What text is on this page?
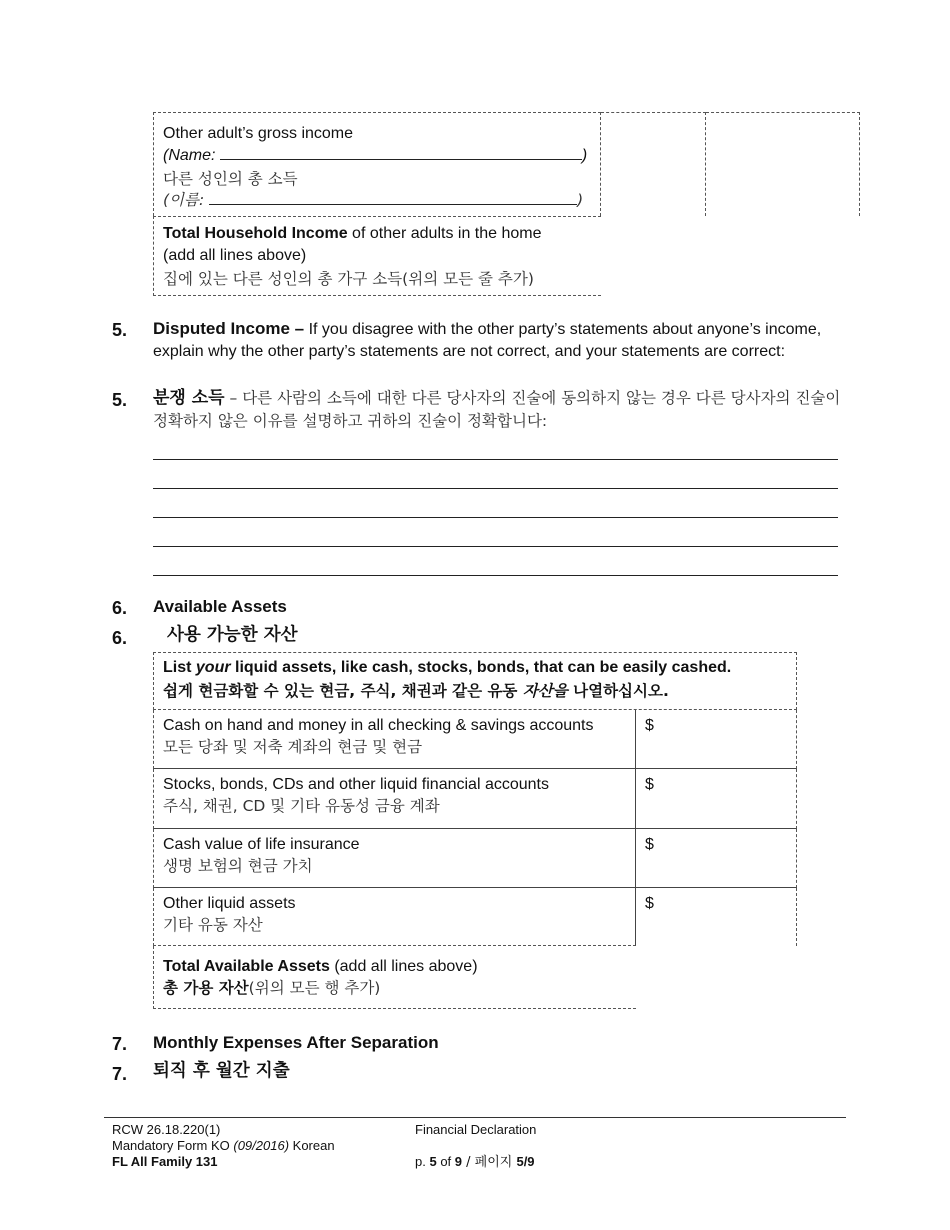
Other adult’s gross income
(Name:	)
다른 성인의 총 소득
(이름:	)
Total Household Income of other adults in the home
(add all lines above)
집에 있는 다른 성인의 총 가구 소득(위의 모든 줄 추가)
5. Disputed Income – If you disagree with the other party’s statements about anyone’s income, explain why the other party’s statements are not correct, and your statements are correct:
5. 분쟁 소득 – 다른 사람의 소득에 대한 다른 당사자의 진술에 동의하지 않는 경우 다른 당사자의 진술이 정확하지 않은 이유를 설명하고 귀하의 진술이 정확합니다:
6. Available Assets
6. 사용 가능한 자산
List your liquid assets, like cash, stocks, bonds, that can be easily cashed.
쉽게 현금화할 수 있는 현금, 주식, 채권과 같은 유동 자산을 나열하십시오.
Cash on hand and money in all checking & savings accounts
모든 당좌 및 저축 계좌의 현금 및 현금
$
Stocks, bonds, CDs and other liquid financial accounts
주식, 채권, CD 및 기타 유동성 금융 계좌
$
Cash value of life insurance
생명 보험의 현금 가치
$
Other liquid assets
기타 유동 자산
$
Total Available Assets (add all lines above)
총 가용 자산(위의 모든 행 추가)
7. Monthly Expenses After Separation
7. 퇴직 후 월간 지출
RCW 26.18.220(1)
Mandatory Form KO (09/2016) Korean
FL All Family 131
Financial Declaration
p. 5 of 9 / 페이지 5/9
